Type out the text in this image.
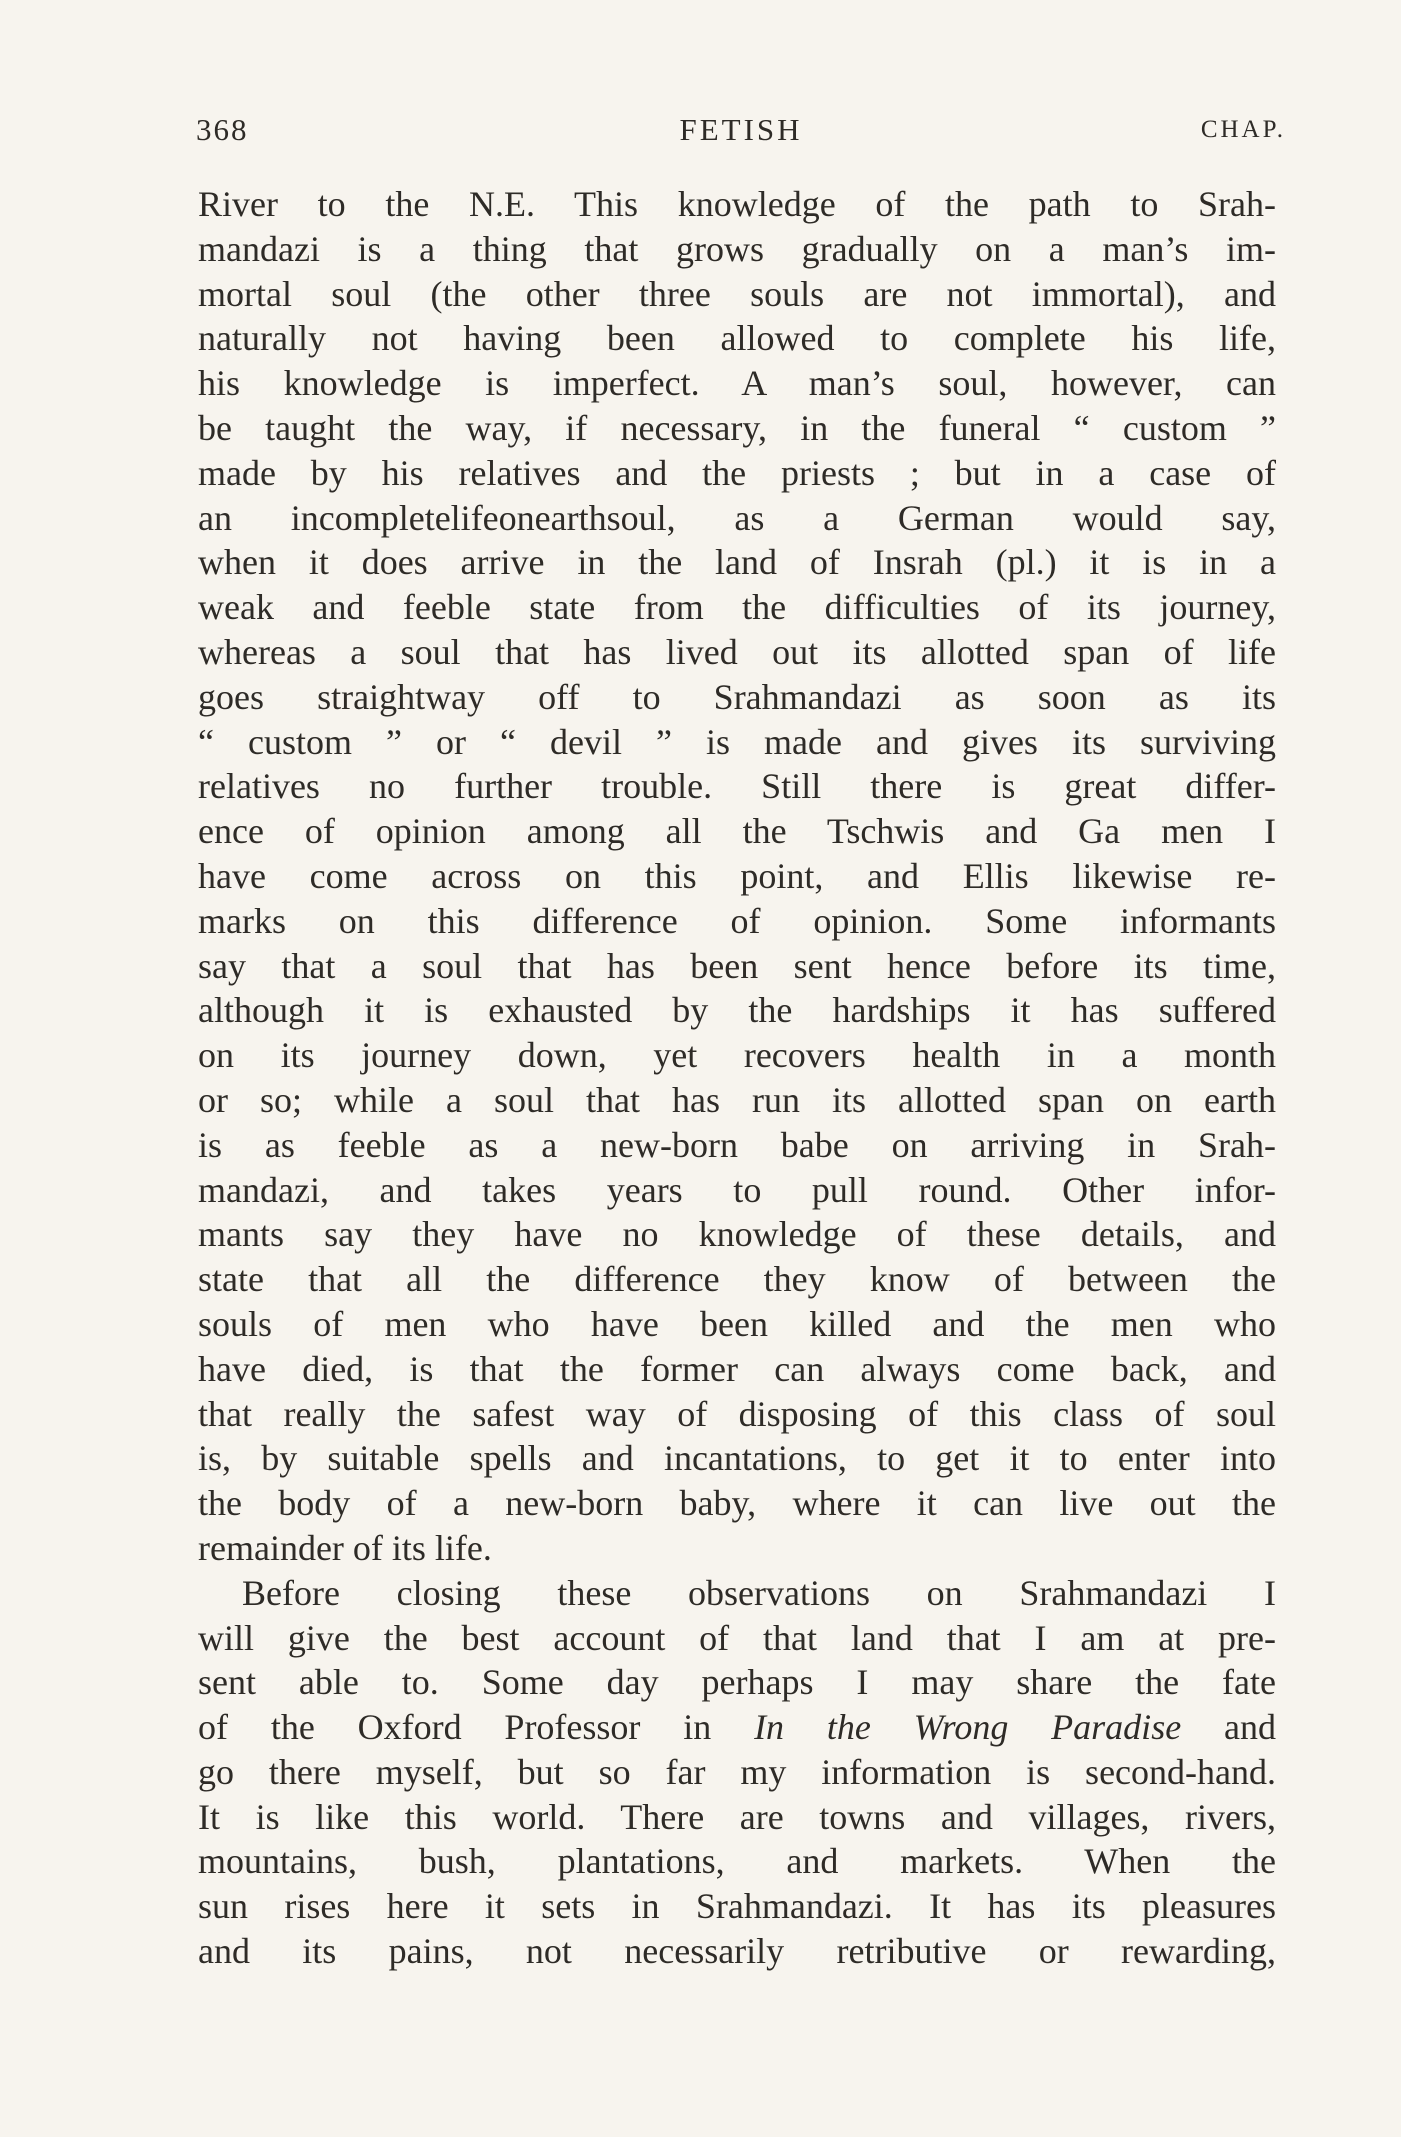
368	FETISH	CHAP.
River to the N.E. This knowledge of the path to Srah-
mandazi is a thing that grows gradually on a man’s im-
mortal soul (the other three souls are not immortal), and
naturally not having been allowed to complete his life,
his knowledge is imperfect. A man’s soul, however, can
be taught the way, if necessary, in the funeral “ custom ”
made by his relatives and the priests ; but in a case of
an incompletelifeonearthsoul, as a German would say,
when it does arrive in the land of Insrah (pl.) it is in a
weak and feeble state from the difficulties of its journey,
whereas a soul that has lived out its allotted span of life
goes straightway off to Srahmandazi as soon as its
“ custom ” or “ devil ” is made and gives its surviving
relatives no further trouble. Still there is great differ-
ence of opinion among all the Tschwis and Ga men I
have come across on this point, and Ellis likewise re-
marks on this difference of opinion. Some informants
say that a soul that has been sent hence before its time,
although it is exhausted by the hardships it has suffered
on its journey down, yet recovers health in a month
or so; while a soul that has run its allotted span on earth
is as feeble as a new-born babe on arriving in Srah-
mandazi, and takes years to pull round. Other infor-
mants say they have no knowledge of these details, and
state that all the difference they know of between the
souls of men who have been killed and the men who
have died, is that the former can always come back, and
that really the safest way of disposing of this class of soul
is, by suitable spells and incantations, to get it to enter into
the body of a new-born baby, where it can live out the
remainder of its life.
Before closing these observations on Srahmandazi I
will give the best account of that land that I am at pre-
sent able to. Some day perhaps I may share the fate
of the Oxford Professor in In the Wrong Paradise and
go there myself, but so far my information is second-hand.
It is like this world. There are towns and villages, rivers,
mountains, bush, plantations, and markets. When the
sun rises here it sets in Srahmandazi. It has its pleasures
and its pains, not necessarily retributive or rewarding,
